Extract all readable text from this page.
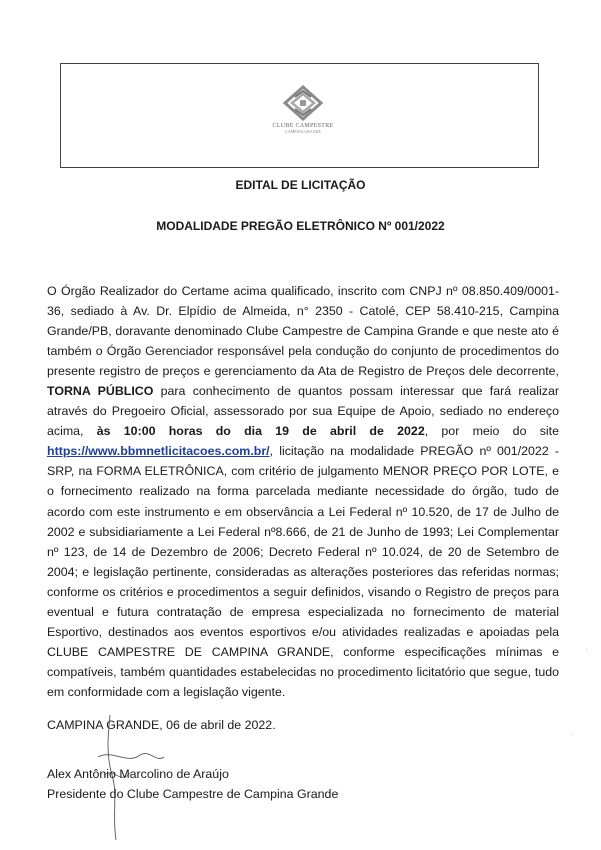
CLUBE CAMPESTRE
CAMPINA GRANDE
EDITAL DE LICITAÇÃO
MODALIDADE PREGÃO ELETRÔNICO Nº 001/2022
O Órgão Realizador do Certame acima qualificado, inscrito com CNPJ nº 08.850.409/0001-36, sediado à Av. Dr. Elpídio de Almeida, n° 2350 - Catolé, CEP 58.410-215, Campina Grande/PB, doravante denominado Clube Campestre de Campina Grande e que neste ato é também o Órgão Gerenciador responsável pela condução do conjunto de procedimentos do presente registro de preços e gerenciamento da Ata de Registro de Preços dele decorrente, TORNA PÚBLICO para conhecimento de quantos possam interessar que fará realizar através do Pregoeiro Oficial, assessorado por sua Equipe de Apoio, sediado no endereço acima, às 10:00 horas do dia 19 de abril de 2022, por meio do site https://www.bbmnetlicitacoes.com.br/, licitação na modalidade PREGÃO nº 001/2022 - SRP, na FORMA ELETRÔNICA, com critério de julgamento MENOR PREÇO POR LOTE, e o fornecimento realizado na forma parcelada mediante necessidade do órgão, tudo de acordo com este instrumento e em observância a Lei Federal nº 10.520, de 17 de Julho de 2002 e subsidiariamente a Lei Federal nº8.666, de 21 de Junho de 1993; Lei Complementar nº 123, de 14 de Dezembro de 2006; Decreto Federal nº 10.024, de 20 de Setembro de 2004; e legislação pertinente, consideradas as alterações posteriores das referidas normas; conforme os critérios e procedimentos a seguir definidos, visando o Registro de preços para eventual e futura contratação de empresa especializada no fornecimento de material Esportivo, destinados aos eventos esportivos e/ou atividades realizadas e apoiadas pela CLUBE CAMPESTRE DE CAMPINA GRANDE, conforme especificações mínimas e compatíveis, também quantidades estabelecidas no procedimento licitatório que segue, tudo em conformidade com a legislação vigente.
CAMPINA GRANDE, 06 de abril de 2022.
Alex Antônio Marcolino de Araújo
Presidente do Clube Campestre de Campina Grande
·
·
